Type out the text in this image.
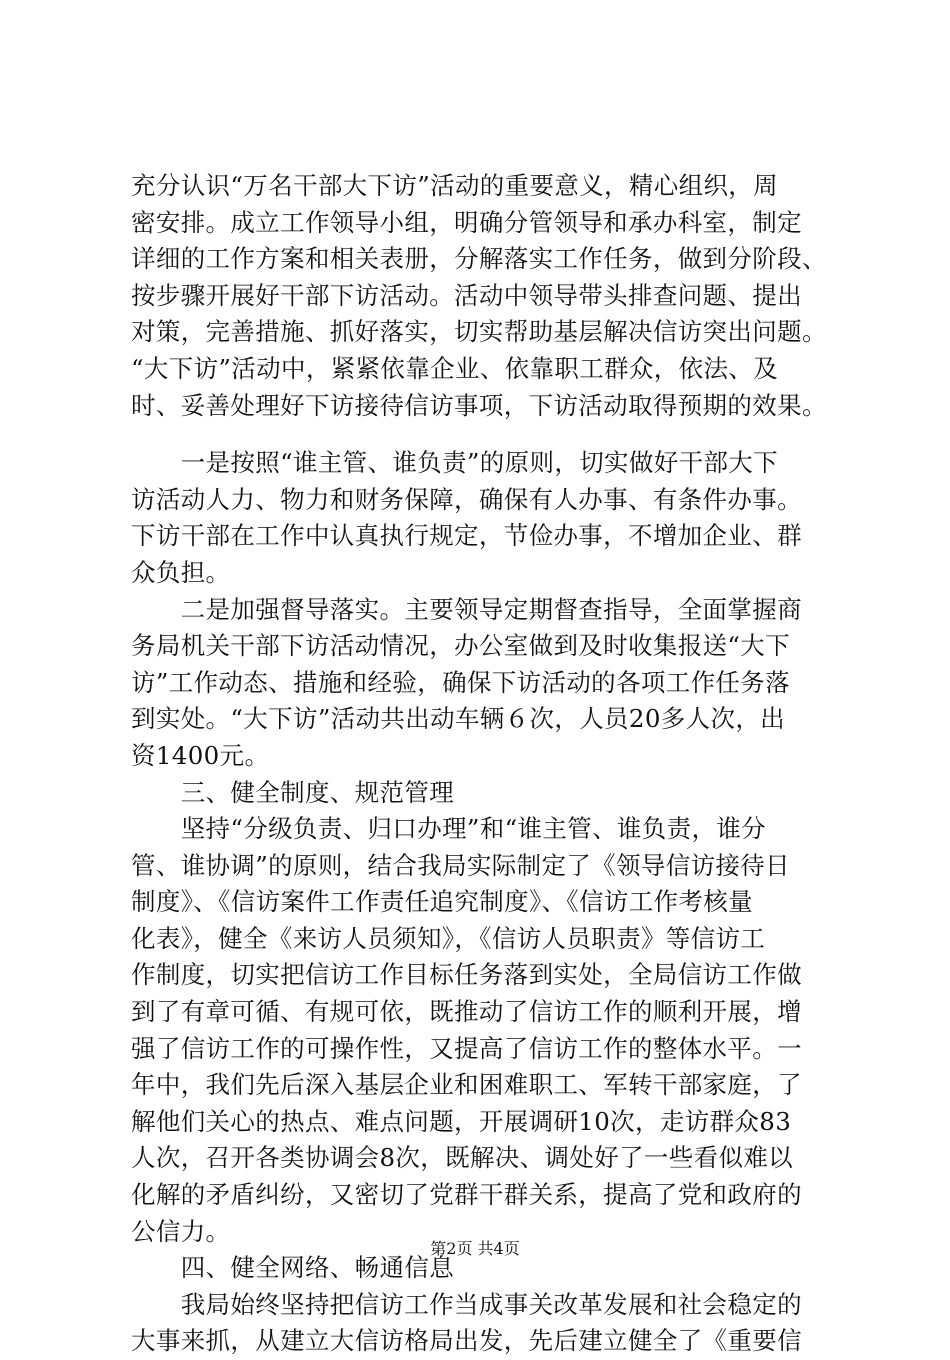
充分认识“万名干部大下访”活动的重要意义，精心组织，周
密安排。成立工作领导小组，明确分管领导和承办科室，制定
详细的工作方案和相关表册，分解落实工作任务，做到分阶段、
按步骤开展好干部下访活动。活动中领导带头排查问题、提出
对策，完善措施、抓好落实，切实帮助基层解决信访突出问题。
“大下访”活动中，紧紧依靠企业、依靠职工群众，依法、及
时、妥善处理好下访接待信访事项，下访活动取得预期的效果。
　　一是按照“谁主管、谁负责”的原则，切实做好干部大下
访活动人力、物力和财务保障，确保有人办事、有条件办事。
下访干部在工作中认真执行规定，节俭办事，不增加企业、群
众负担。
　　二是加强督导落实。主要领导定期督查指导，全面掌握商
务局机关干部下访活动情况，办公室做到及时收集报送“大下
访”工作动态、措施和经验，确保下访活动的各项工作任务落
到实处。“大下访”活动共出动车辆６次，人员20多人次，出
资1400元。
　　三、健全制度、规范管理
　　坚持“分级负责、归口办理”和“谁主管、谁负责，谁分
管、谁协调”的原则，结合我局实际制定了《领导信访接待日
制度》、《信访案件工作责任追究制度》、《信访工作考核量
化表》，健全《来访人员须知》，《信访人员职责》等信访工
作制度，切实把信访工作目标任务落到实处，全局信访工作做
到了有章可循、有规可依，既推动了信访工作的顺利开展，增
强了信访工作的可操作性，又提高了信访工作的整体水平。一
年中，我们先后深入基层企业和困难职工、军转干部家庭，了
解他们关心的热点、难点问题，开展调研10次，走访群众83
人次，召开各类协调会8次，既解决、调处好了一些看似难以
化解的矛盾纠纷，又密切了党群干群关系，提高了党和政府的
公信力。
　　四、健全网络、畅通信息
　　我局始终坚持把信访工作当成事关改革发展和社会稳定的
大事来抓，从建立大信访格局出发，先后建立健全了《重要信
第2页 共4页
